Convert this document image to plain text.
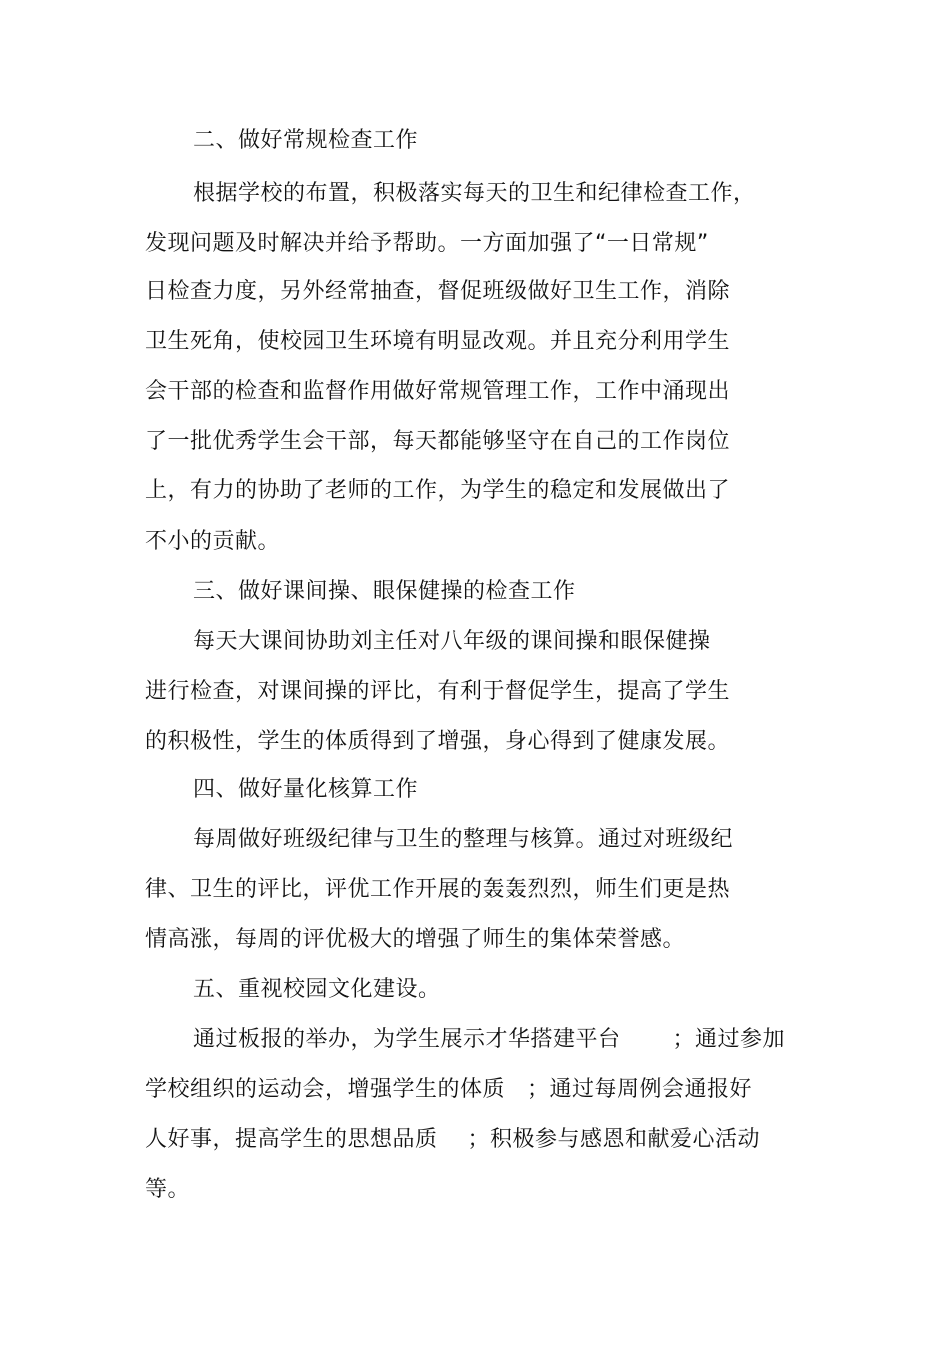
二、做好常规检查工作
根据学校的布置，积极落实每天的卫生和纪律检查工作，
发现问题及时解决并给予帮助。一方面加强了“一日常规”
日检查力度，另外经常抽查，督促班级做好卫生工作，消除
卫生死角，使校园卫生环境有明显改观。并且充分利用学生
会干部的检查和监督作用做好常规管理工作，工作中涌现出
了一批优秀学生会干部，每天都能够坚守在自己的工作岗位
上，有力的协助了老师的工作，为学生的稳定和发展做出了
不小的贡献。
三、做好课间操、眼保健操的检查工作
每天大课间协助刘主任对八年级的课间操和眼保健操
进行检查，对课间操的评比，有利于督促学生，提高了学生
的积极性，学生的体质得到了增强，身心得到了健康发展。
四、做好量化核算工作
每周做好班级纪律与卫生的整理与核算。通过对班级纪
律、卫生的评比，评优工作开展的轰轰烈烈，师生们更是热
情高涨，每周的评优极大的增强了师生的集体荣誉感。
五、重视校园文化建设。
通过板报的举办，为学生展示才华搭建平台 ；通过参加
学校组织的运动会，增强学生的体质 ；通过每周例会通报好
人好事，提高学生的思想品质 ；积极参与感恩和献爱心活动
等。
